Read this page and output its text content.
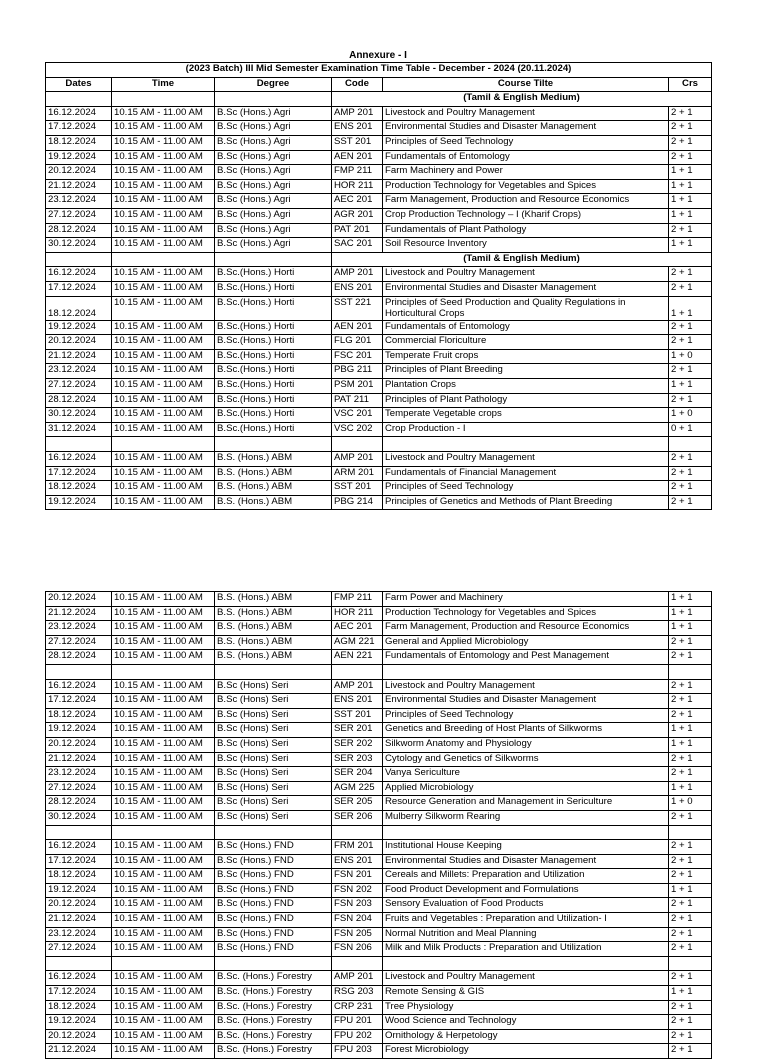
Annexure - I
(2023 Batch) III Mid Semester Examination Time Table - December - 2024 (20.11.2024)					
Dates	Time	Degree	Code	Course Tilte	Crs
			(Tamil & English Medium)		
16.12.2024	10.15 AM - 11.00 AM	B.Sc (Hons.) Agri	AMP 201	Livestock and Poultry Management	2 + 1
17.12.2024	10.15 AM - 11.00 AM	B.Sc (Hons.) Agri	ENS 201	Environmental Studies and Disaster Management	2 + 1
18.12.2024	10.15 AM - 11.00 AM	B.Sc (Hons.) Agri	SST 201	Principles of Seed Technology	2 + 1
19.12.2024	10.15 AM - 11.00 AM	B.Sc (Hons.) Agri	AEN 201	Fundamentals of Entomology	2 + 1
20.12.2024	10.15 AM - 11.00 AM	B.Sc (Hons.) Agri	FMP 211	Farm Machinery and Power	1 + 1
21.12.2024	10.15 AM - 11.00 AM	B.Sc (Hons.) Agri	HOR 211	Production Technology for Vegetables and Spices	1 + 1
23.12.2024	10.15 AM - 11.00 AM	B.Sc (Hons.) Agri	AEC 201	Farm Management, Production and Resource Economics	1 + 1
27.12.2024	10.15 AM - 11.00 AM	B.Sc (Hons.) Agri	AGR 201	Crop Production Technology – I (Kharif Crops)	1 + 1
28.12.2024	10.15 AM - 11.00 AM	B.Sc (Hons.) Agri	PAT 201	Fundamentals of Plant Pathology	2 + 1
30.12.2024	10.15 AM - 11.00 AM	B.Sc (Hons.) Agri	SAC 201	Soil Resource Inventory	1 + 1
			(Tamil & English Medium)		
16.12.2024	10.15 AM - 11.00 AM	B.Sc.(Hons.) Horti	AMP 201	Livestock and Poultry Management	2 + 1
17.12.2024	10.15 AM - 11.00 AM	B.Sc.(Hons.) Horti	ENS 201	Environmental Studies and Disaster Management	2 + 1
18.12.2024	10.15 AM - 11.00 AM	B.Sc.(Hons.) Horti	SST 221	Principles of Seed Production and Quality Regulations in Horticultural Crops	1 + 1
19.12.2024	10.15 AM - 11.00 AM	B.Sc.(Hons.) Horti	AEN 201	Fundamentals of Entomology	2 + 1
20.12.2024	10.15 AM - 11.00 AM	B.Sc.(Hons.) Horti	FLG 201	Commercial Floriculture	2 + 1
21.12.2024	10.15 AM - 11.00 AM	B.Sc.(Hons.) Horti	FSC 201	Temperate Fruit crops	1 + 0
23.12.2024	10.15 AM - 11.00 AM	B.Sc.(Hons.) Horti	PBG 211	Principles of Plant Breeding	2 + 1
27.12.2024	10.15 AM - 11.00 AM	B.Sc.(Hons.) Horti	PSM 201	Plantation Crops	1 + 1
28.12.2024	10.15 AM - 11.00 AM	B.Sc.(Hons.) Horti	PAT 211	Principles of Plant Pathology	2 + 1
30.12.2024	10.15 AM - 11.00 AM	B.Sc.(Hons.) Horti	VSC 201	Temperate Vegetable crops	1 + 0
31.12.2024	10.15 AM - 11.00 AM	B.Sc.(Hons.) Horti	VSC 202	Crop Production - I	0 + 1

16.12.2024	10.15 AM - 11.00 AM	B.S. (Hons.) ABM	AMP 201	Livestock and Poultry Management	2 + 1
17.12.2024	10.15 AM - 11.00 AM	B.S. (Hons.) ABM	ARM 201	Fundamentals of Financial Management	2 + 1
18.12.2024	10.15 AM - 11.00 AM	B.S. (Hons.) ABM	SST 201	Principles of Seed Technology	2 + 1
19.12.2024	10.15 AM - 11.00 AM	B.S. (Hons.) ABM	PBG 214	Principles of Genetics and Methods of Plant Breeding	2 + 1
20.12.2024	10.15 AM - 11.00 AM	B.S. (Hons.) ABM	FMP 211	Farm Power and Machinery	1 + 1
21.12.2024	10.15 AM - 11.00 AM	B.S. (Hons.) ABM	HOR 211	Production Technology for Vegetables and Spices	1 + 1
23.12.2024	10.15 AM - 11.00 AM	B.S. (Hons.) ABM	AEC 201	Farm Management, Production and Resource Economics	1 + 1
27.12.2024	10.15 AM - 11.00 AM	B.S. (Hons.) ABM	AGM 221	General and Applied Microbiology	2 + 1
28.12.2024	10.15 AM - 11.00 AM	B.S. (Hons.) ABM	AEN 221	Fundamentals of Entomology and Pest Management	2 + 1

16.12.2024	10.15 AM - 11.00 AM	B.Sc (Hons) Seri	AMP 201	Livestock and Poultry Management	2 + 1
17.12.2024	10.15 AM - 11.00 AM	B.Sc (Hons) Seri	ENS 201	Environmental Studies and Disaster Management	2 + 1
18.12.2024	10.15 AM - 11.00 AM	B.Sc (Hons) Seri	SST 201	Principles of Seed Technology	2 + 1
19.12.2024	10.15 AM - 11.00 AM	B.Sc (Hons) Seri	SER 201	Genetics and Breeding of Host Plants of Silkworms	1 + 1
20.12.2024	10.15 AM - 11.00 AM	B.Sc (Hons) Seri	SER 202	Silkworm Anatomy and Physiology	1 + 1
21.12.2024	10.15 AM - 11.00 AM	B.Sc (Hons) Seri	SER 203	Cytology and Genetics of Silkworms	2 + 1
23.12.2024	10.15 AM - 11.00 AM	B.Sc (Hons) Seri	SER 204	Vanya Sericulture	2 + 1
27.12.2024	10.15 AM - 11.00 AM	B.Sc (Hons) Seri	AGM 225	Applied Microbiology	1 + 1
28.12.2024	10.15 AM - 11.00 AM	B.Sc (Hons) Seri	SER 205	Resource Generation and Management in Sericulture	1 + 0
30.12.2024	10.15 AM - 11.00 AM	B.Sc (Hons) Seri	SER 206	Mulberry Silkworm Rearing	2 + 1

16.12.2024	10.15 AM - 11.00 AM	B.Sc (Hons.) FND	FRM 201	Institutional House Keeping	2 + 1
17.12.2024	10.15 AM - 11.00 AM	B.Sc (Hons.) FND	ENS 201	Environmental Studies and Disaster Management	2 + 1
18.12.2024	10.15 AM - 11.00 AM	B.Sc (Hons.) FND	FSN 201	Cereals and Millets: Preparation and Utilization	2 + 1
19.12.2024	10.15 AM - 11.00 AM	B.Sc (Hons.) FND	FSN 202	Food Product Development and Formulations	1 + 1
20.12.2024	10.15 AM - 11.00 AM	B.Sc (Hons.) FND	FSN 203	Sensory Evaluation of Food Products	2 + 1
21.12.2024	10.15 AM - 11.00 AM	B.Sc (Hons.) FND	FSN 204	Fruits and Vegetables : Preparation and Utilization- I	2 + 1
23.12.2024	10.15 AM - 11.00 AM	B.Sc (Hons.) FND	FSN 205	Normal Nutrition and Meal Planning	2 + 1
27.12.2024	10.15 AM - 11.00 AM	B.Sc (Hons.) FND	FSN 206	Milk and Milk Products : Preparation and Utilization	2 + 1

16.12.2024	10.15 AM - 11.00 AM	B.Sc. (Hons.) Forestry	AMP 201	Livestock and Poultry Management	2 + 1
17.12.2024	10.15 AM - 11.00 AM	B.Sc. (Hons.) Forestry	RSG 203	Remote Sensing & GIS	1 + 1
18.12.2024	10.15 AM - 11.00 AM	B.Sc. (Hons.) Forestry	CRP 231	Tree Physiology	2 + 1
19.12.2024	10.15 AM - 11.00 AM	B.Sc. (Hons.) Forestry	FPU 201	Wood Science and Technology	2 + 1
20.12.2024	10.15 AM - 11.00 AM	B.Sc. (Hons.) Forestry	FPU 202	Ornithology & Herpetology	2 + 1
21.12.2024	10.15 AM - 11.00 AM	B.Sc. (Hons.) Forestry	FPU 203	Forest Microbiology	2 + 1
